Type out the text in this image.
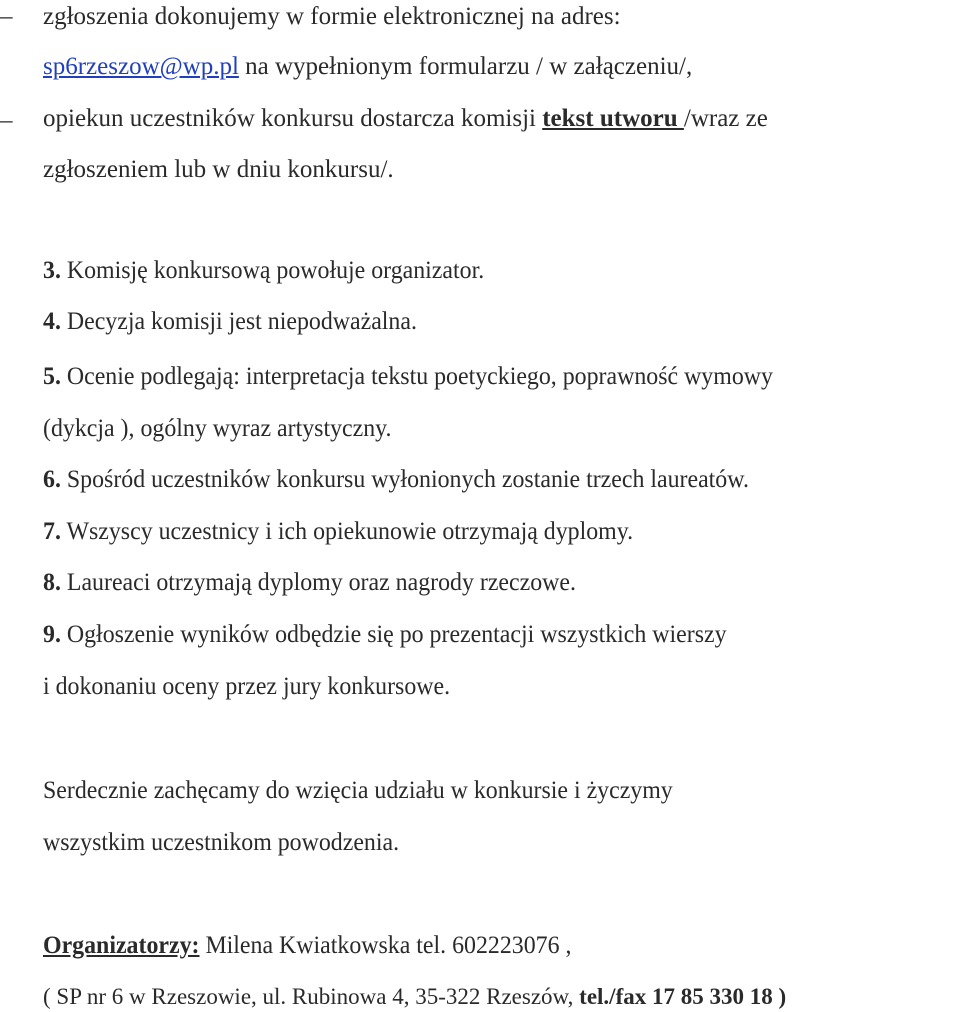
– zgłoszenia dokonujemy w formie elektronicznej na adres:
sp6rzeszow@wp.pl na wypełnionym formularzu / w załączeniu/,
– opiekun uczestników konkursu dostarcza komisji tekst utworu /wraz ze
zgłoszeniem lub w dniu konkursu/.
3. Komisję konkursową powołuje organizator.
4. Decyzja komisji jest niepodważalna.
5. Ocenie podlegają: interpretacja tekstu poetyckiego, poprawność wymowy
(dykcja ), ogólny wyraz artystyczny.
6. Spośród uczestników konkursu wyłonionych zostanie trzech laureatów.
7. Wszyscy uczestnicy i ich opiekunowie otrzymają dyplomy.
8. Laureaci otrzymają dyplomy oraz nagrody rzeczowe.
9. Ogłoszenie wyników odbędzie się po prezentacji wszystkich wierszy
i dokonaniu oceny przez jury konkursowe.
Serdecznie zachęcamy do wzięcia udziału w konkursie i życzymy
wszystkim uczestnikom powodzenia.
Organizatorzy: Milena Kwiatkowska tel. 602223076 ,
( SP nr 6 w Rzeszowie, ul. Rubinowa 4, 35-322 Rzeszów, tel./fax 17 85 330 18 )
